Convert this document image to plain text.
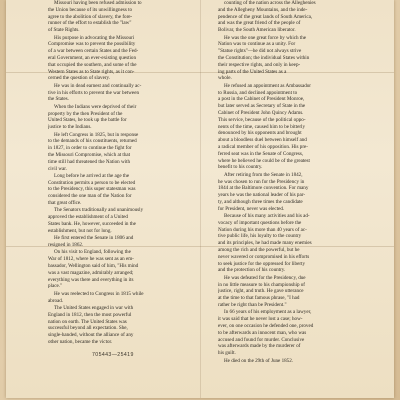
Missouri having been refused admission to
the Union because of its unwillingness to
agree to the abolition of slavery, the fore-
runner of the effort to establish the "law"
of State Rights.

His purpose in advocating the Missouri
Compromise was to prevent the possibility
of a war between certain States and the Fed-
eral Government, an ever-existing question
that occupied the southern, and some of the
Western States as to State rights, as it con-
cerned the question of slavery.

He was in dead earnest and continually ac-
tive in his efforts to prevent the war between
the States.

When the Indians were deprived of their
property by the then President of the
United States, he took up the battle for
justice to the Indians.

He left Congress in 1825, but in response
to the demands of his constituents, returned
in 1827, in order to continue the fight for
the Missouri Compromise, which at that
time still had threatened the Nation with
civil war.

Long before he arrived at the age the
Constitution permits a person to be elected
to the Presidency, this super statesman was
considered the one man of the Nation for
that great office.

The Senators traditionally and unanimously
approved the establishment of a United
States bank. He, however, succeeded in the
establishment, but not for long.

He first entered the Senate in 1806 and
resigned in 1862.

On his visit to England, following the
War of 1812, where he was sent as an em-
bassador, Wellington said of him, "His mind
was a vast magazine, admirably arranged;
everything was there and everything in its
place."

He was reelected to Congress in 1815 while
abroad.

The United States engaged in war with
England in 1812, then the most powerful
nation on earth. The United States was
successful beyond all expectation. She,
single-handed, without the alliance of any
other nation, became the victor.

counting of the nation across the Alleghenies
and the Allegheny Mountains, and the inde-
pendence of the great lands of South America,
and was the great friend of the people of
Bolivar, the South American liberator.

He was the one great force by which the
Nation was to continue as a unity. For
"Statue rights"—he did not always strive
the Constitution; the individual States within
their respective rights, and only in keep-
ing parts of the United States as a
whole.

He refused an appointment as Ambassador
to Russia, and declined appointment to
a post in the Cabinet of President Monroe,
but later served as Secretary of State in the
Cabinet of President John Quincy Adams.
This service, because of the political oppo-
nents of the time, caused him to be bitterly
denounced by his opponents and brought
about a bloodless duel between himself and
a radical member of his opposition. His pre-
ferred seat was in the Senate of Congress,
where he believed he could be of the greatest
benefit to his country.

After retiring from the Senate in 1842,
he was chosen to run for the Presidency in
1844 at the Baltimore convention. For many
years he was the national leader of his par-
ty, and although three times the candidate
for President, never was elected.

Because of his many activities and his ad-
vocacy of important questions before the
Nation during his more than 40 years of ac-
tive public life, his loyalty to the country
and its principles, he had made many enemies
among the rich and the powerful, but he
never wavered or compromised in his efforts
to seek justice for the oppressed for liberty
and the protection of his country.

He was defeated for the Presidency, due
in no little measure to his championship of
justice, right, and truth. He gave utterance
at the time to that famous phrase, "I had
rather be right than be President."

In 66 years of his employment as a lawyer,
it was said that he never lost a case; how-
ever, on one occasion he defended one, proved
to be afterwards an innocent man, who was
accused and found for murder. Conclusive
was afterwards made by the murderer of
his guilt.

He died on the 29th of June 1852.

705443—25419
